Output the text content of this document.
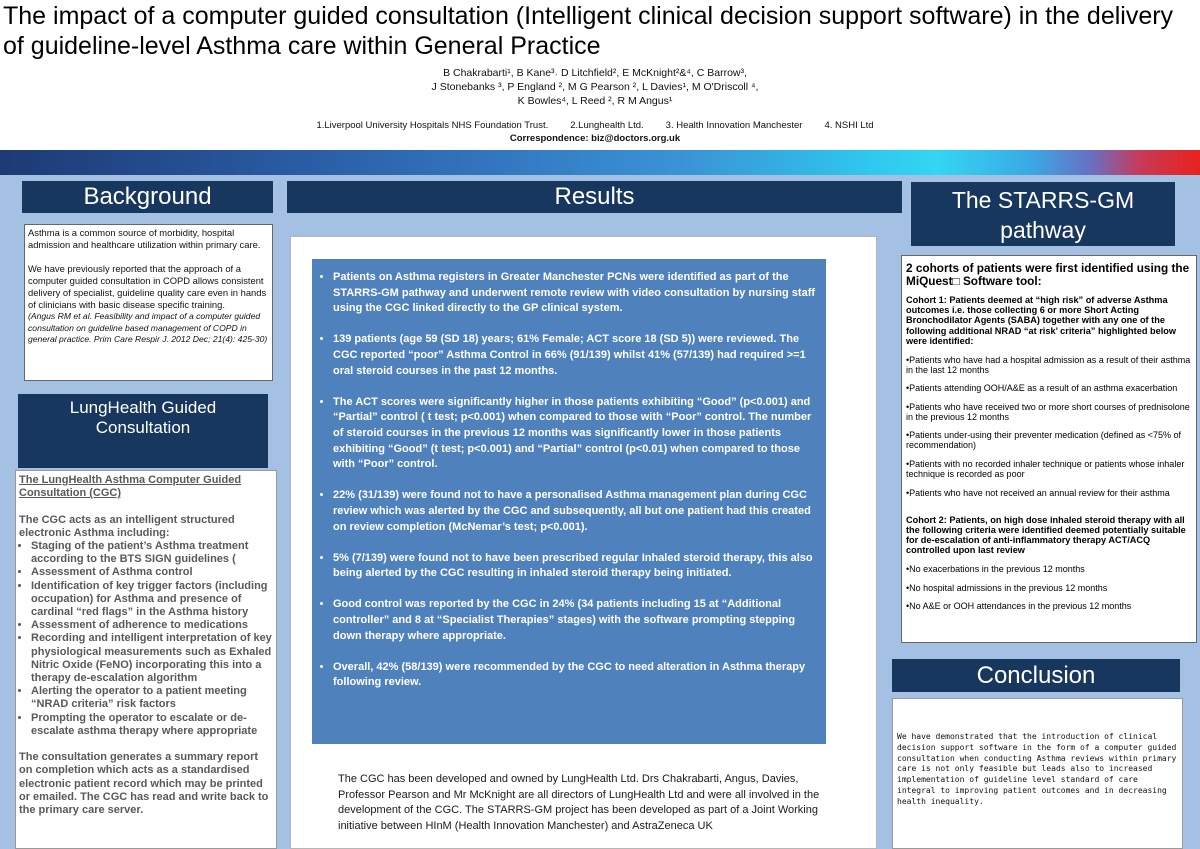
The impact of a computer guided consultation (Intelligent clinical decision support software) in the delivery of guideline-level Asthma care within General Practice
B Chakrabarti¹, B Kane³˒ D Litchfield², E McKnight²&⁴, C Barrow³,
J Stonebanks ³, P England ², M G Pearson ², L Davies¹, M O'Driscoll ⁴,
K Bowles⁴, L Reed ², R M Angus¹
1.Liverpool University Hospitals NHS Foundation Trust. 2.Lunghealth Ltd. 3. Health Innovation Manchester 4. NSHI Ltd
Correspondence: biz@doctors.org.uk
Background

Asthma is a common source of morbidity, hospital admission and healthcare utilization within primary care.

We have previously reported that the approach of a computer guided consultation in COPD allows consistent delivery of specialist, guideline quality care even in hands of clinicians with basic disease specific training.

(Angus RM et al. Feasibility and impact of a computer guided consultation on guideline based management of COPD in general practice. Prim Care Respir J. 2012 Dec; 21(4): 425-30)

LungHealth Guided Consultation

The LungHealth Asthma Computer Guided Consultation (CGC)

The CGC acts as an intelligent structured electronic Asthma including:

• Staging of the patient’s Asthma treatment according to the BTS SIGN guidelines (
• Assessment of Asthma control
• Identification of key trigger factors (including occupation) for Asthma and presence of cardinal “red flags” in the Asthma history
• Assessment of adherence to medications
• Recording and intelligent interpretation of key physiological measurements such as Exhaled Nitric Oxide (FeNO) incorporating this into a therapy de-escalation algorithm
• Alerting the operator to a patient meeting “NRAD criteria” risk factors
• Prompting the operator to escalate or de-escalate asthma therapy where appropriate

The consultation generates a summary report on completion which acts as a standardised electronic patient record which may be printed or emailed. The CGC has read and write back to the primary care server.

Results
• Patients on Asthma registers in Greater Manchester PCNs were identified as part of the STARRS-GM pathway and underwent remote review with video consultation by nursing staff using the CGC linked directly to the GP clinical system.
• 139 patients (age 59 (SD 18) years; 61% Female; ACT score 18 (SD 5)) were reviewed. The CGC reported “poor” Asthma Control in 66% (91/139) whilst 41% (57/139) had required >=1 oral steroid courses in the past 12 months.
• The ACT scores were significantly higher in those patients exhibiting “Good” (p<0.001) and “Partial” control ( t test; p<0.001) when compared to those with “Poor” control. The number of steroid courses in the previous 12 months was significantly lower in those patients exhibiting “Good” (t test; p<0.001) and “Partial” control (p<0.01) when compared to those with “Poor” control.
• 22% (31/139) were found not to have a personalised Asthma management plan during CGC review which was alerted by the CGC and subsequently, all but one patient had this created on review completion (McNemar’s test; p<0.001).
• 5% (7/139) were found not to have been prescribed regular Inhaled steroid therapy, this also being alerted by the CGC resulting in inhaled steroid therapy being initiated.
• Good control was reported by the CGC in 24% (34 patients including 15 at “Additional controller” and 8 at “Specialist Therapies” stages) with the software prompting stepping down therapy where appropriate.
• Overall, 42% (58/139) were recommended by the CGC to need alteration in Asthma therapy following review.

The CGC has been developed and owned by LungHealth Ltd. Drs Chakrabarti, Angus, Davies, Professor Pearson and Mr McKnight are all directors of LungHealth Ltd and were all involved in the development of the CGC. The STARRS-GM project has been developed as part of a Joint Working initiative between HInM (Health Innovation Manchester) and AstraZeneca UK

The STARRS-GM pathway

2 cohorts of patients were first identified using the MiQuest□ Software tool:

Cohort 1: Patients deemed at “high risk” of adverse Asthma outcomes i.e. those collecting 6 or more Short Acting Bronchodilator Agents (SABA) together with any one of the following additional NRAD “at risk’ criteria” highlighted below were identified:

•Patients who have had a hospital admission as a result of their asthma in the last 12 months

•Patients attending OOH/A&E as a result of an asthma exacerbation

•Patients who have received two or more short courses of prednisolone in the previous 12 months

•Patients under-using their preventer medication (defined as <75% of recommendation)

•Patients with no recorded inhaler technique or patients whose inhaler technique is recorded as poor

•Patients who have not received an annual review for their asthma

Cohort 2: Patients, on high dose inhaled steroid therapy with all the following criteria were identified deemed potentially suitable for de-escalation of anti-inflammatory therapy ACT/ACQ controlled upon last review

•No exacerbations in the previous 12 months

•No hospital admissions in the previous 12 months

•No A&E or OOH attendances in the previous 12 months

Conclusion

We have demonstrated that the introduction of clinical decision support software in the form of a computer guided consultation when conducting Asthma reviews within primary care is not only feasible but leads also to increased implementation of guideline level standard of care integral to improving patient outcomes and in decreasing health inequality.
